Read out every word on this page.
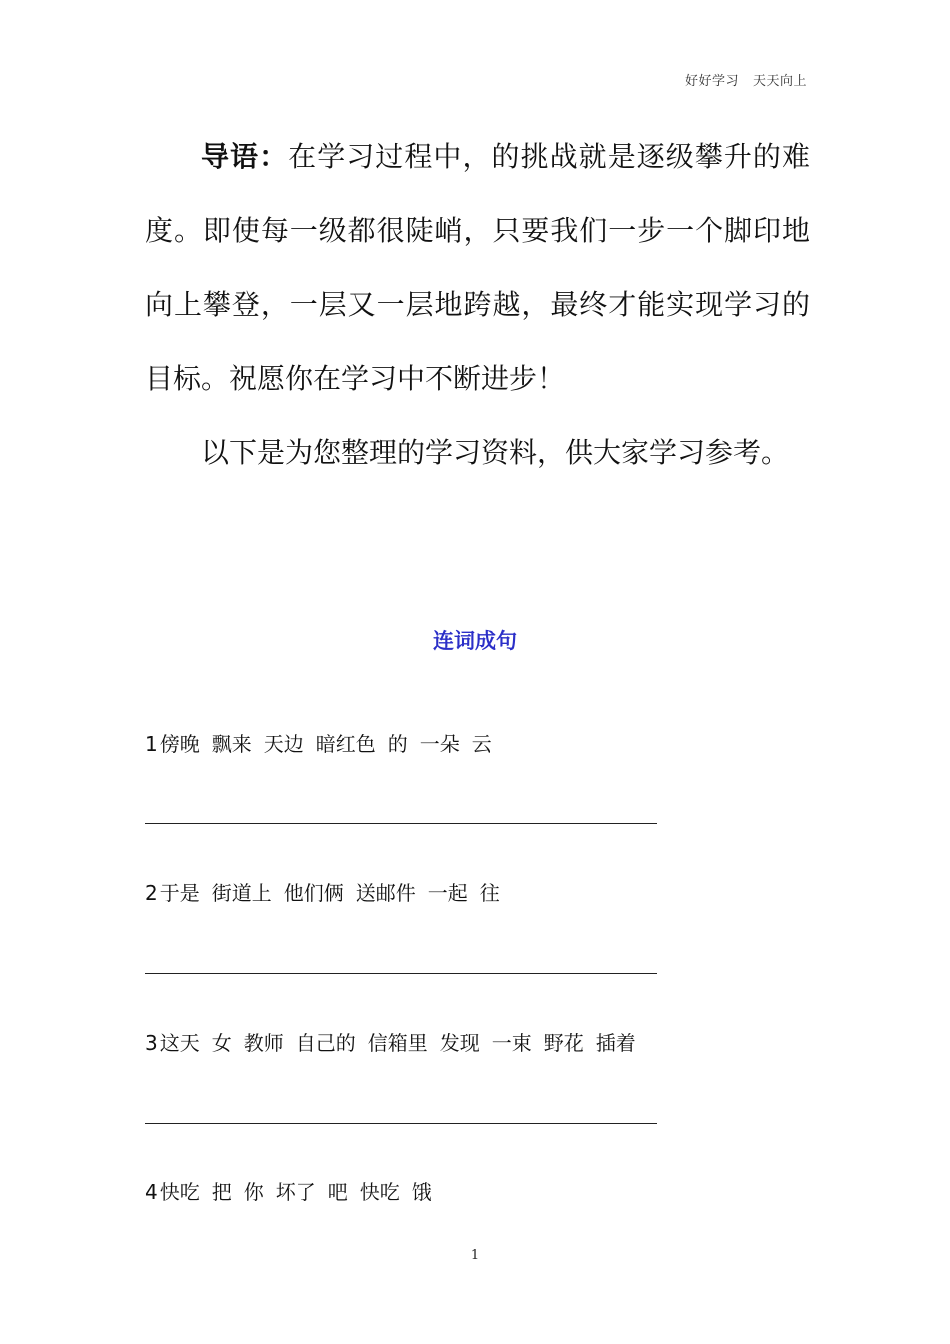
好好学习 天天向上

导语：在学习过程中，的挑战就是逐级攀升的难度。即使每一级都很陡峭，只要我们一步一个脚印地向上攀登，一层又一层地跨越，最终才能实现学习的目标。祝愿你在学习中不断进步！

以下是为您整理的学习资料，供大家学习参考。

连词成句
1 傍晚 飘来 天边 暗红色 的 一朵 云
2 于是 街道上 他们俩 送邮件 一起 往
3 这天 女 教师 自己的 信箱里 发现 一束 野花 插着
4 快吃 把 你 坏了 吧 快吃 饿
1
